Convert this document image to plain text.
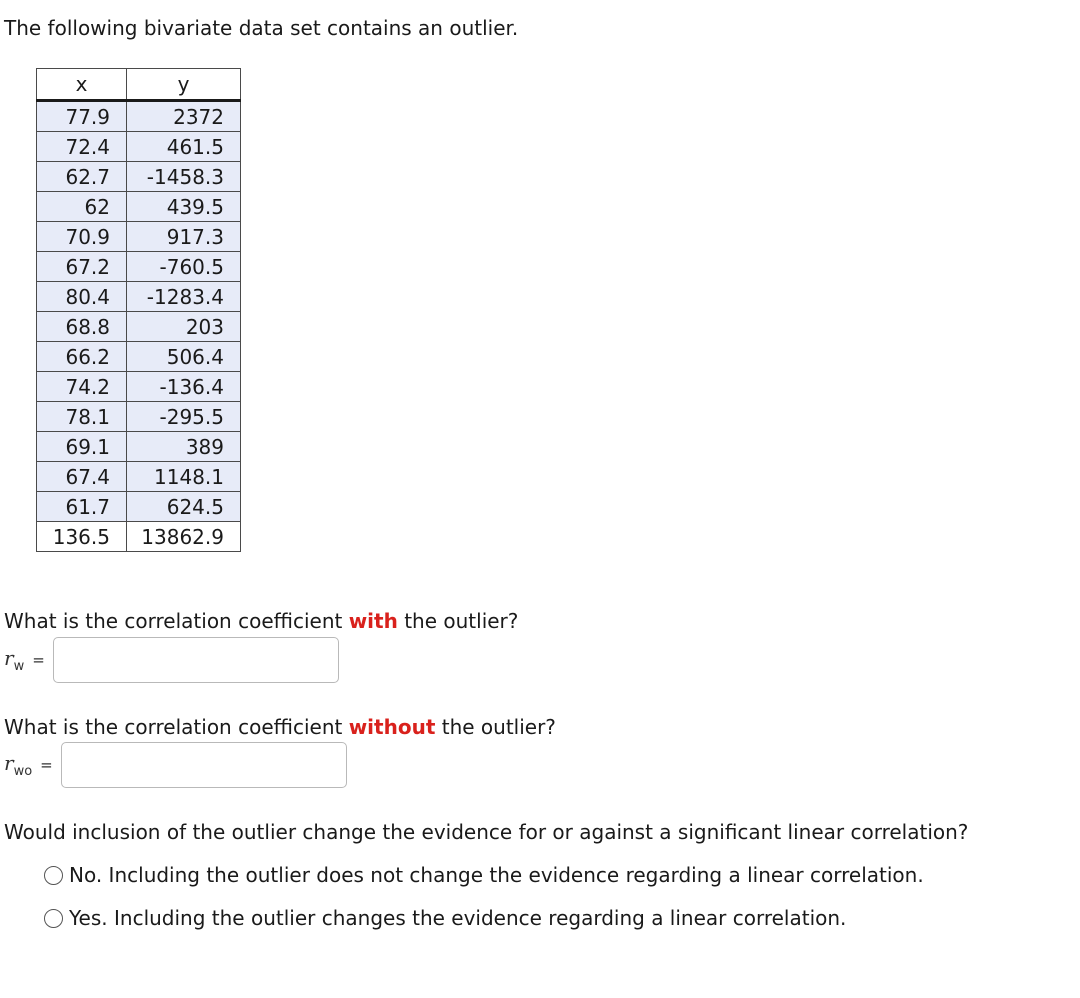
The following bivariate data set contains an outlier.

x	y
77.9	2372
72.4	461.5
62.7	-1458.3
62	439.5
70.9	917.3
67.2	-760.5
80.4	-1283.4
68.8	203
66.2	506.4
74.2	-136.4
78.1	-295.5
69.1	389
67.4	1148.1
61.7	624.5
136.5	13862.9

What is the correlation coefficient with the outlier?

$r_w$ =

What is the correlation coefficient without the outlier?

$r_{wo}$ =

Would inclusion of the outlier change the evidence for or against a significant linear correlation?

No. Including the outlier does not change the evidence regarding a linear correlation.
Yes. Including the outlier changes the evidence regarding a linear correlation.
